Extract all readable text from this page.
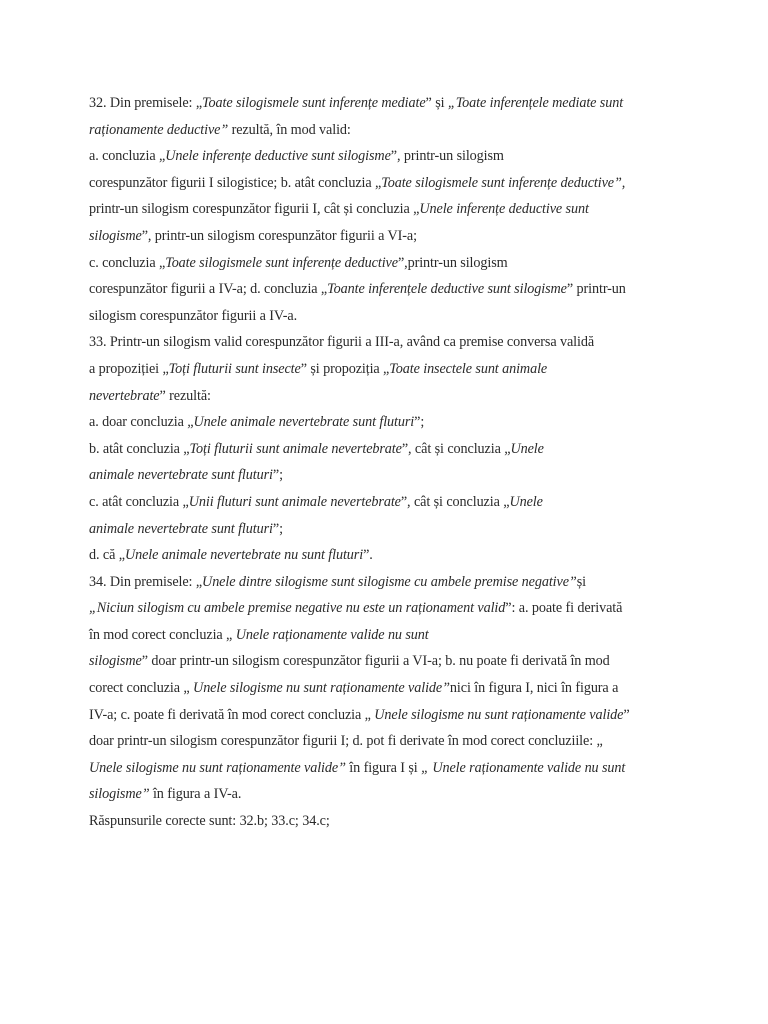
32. Din premisele: „Toate silogismele sunt inferențe mediate” și „Toate inferențele mediate sunt
raționamente deductive” rezultă, în mod valid:
a. concluzia „Unele inferențe deductive sunt silogisme”, printr-un silogism
corespunzător figurii I silogistice; b. atât concluzia „Toate silogismele sunt inferențe deductive”,
printr-un silogism corespunzător figurii I, cât și concluzia „Unele inferențe deductive sunt
silogisme”, printr-un silogism corespunzător figurii a VI-a;
c. concluzia „Toate silogismele sunt inferențe deductive”,printr-un silogism
corespunzător figurii a IV-a; d. concluzia „Toante inferențele deductive sunt silogisme” printr-un
silogism corespunzător figurii a IV-a.
33. Printr-un silogism valid corespunzător figurii a III-a, având ca premise conversa validă
a propoziției „Toți fluturii sunt insecte” și propoziția „Toate insectele sunt animale
nevertebrate” rezultă:
a. doar concluzia „Unele animale nevertebrate sunt fluturi”;
b. atât concluzia „Toți fluturii sunt animale nevertebrate”, cât și concluzia „Unele
animale nevertebrate sunt fluturi”;
c. atât concluzia „Unii fluturi sunt animale nevertebrate”, cât și concluzia „Unele
animale nevertebrate sunt fluturi”;
d. că „Unele animale nevertebrate nu sunt fluturi”.
34. Din premisele: „Unele dintre silogisme sunt silogisme cu ambele premise negative”și
„Niciun silogism cu ambele premise negative nu este un raționament valid”: a. poate fi derivată
în mod corect concluzia „ Unele raționamente valide nu sunt
silogisme” doar printr-un silogism corespunzător figurii a VI-a; b. nu poate fi derivată în mod
corect concluzia „ Unele silogisme nu sunt raționamente valide”nici în figura I, nici în figura a
IV-a; c. poate fi derivată în mod corect concluzia „ Unele silogisme nu sunt raționamente valide”
doar printr-un silogism corespunzător figurii I; d. pot fi derivate în mod corect concluziile: „
Unele silogisme nu sunt raționamente valide” în figura I și „ Unele raționamente valide nu sunt
silogisme” în figura a IV-a.
Răspunsurile corecte sunt: 32.b; 33.c; 34.c;
